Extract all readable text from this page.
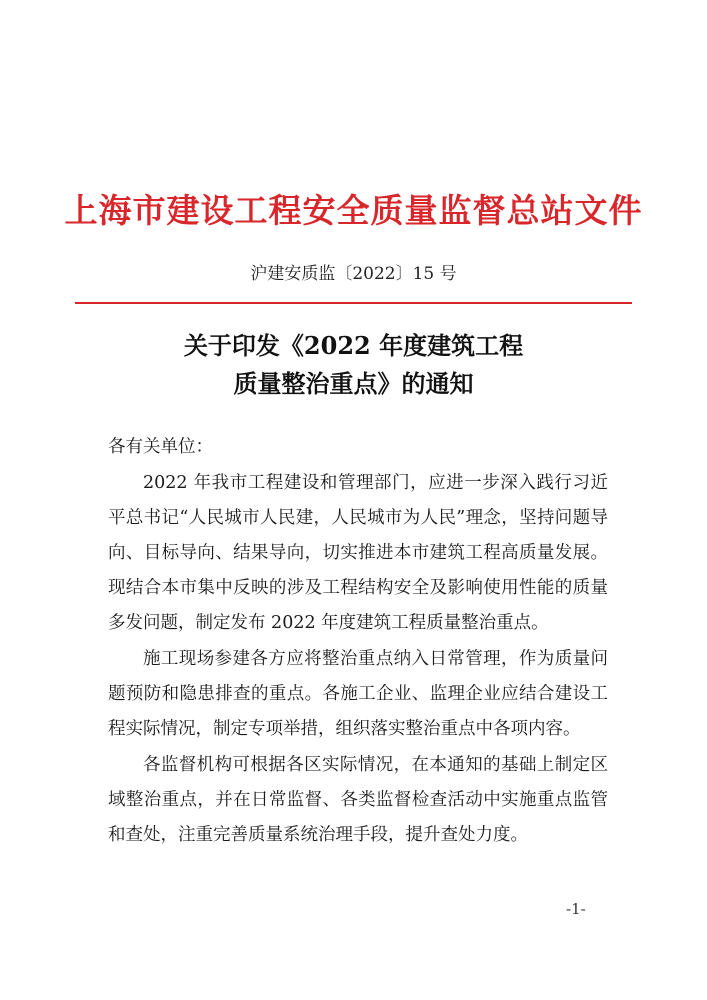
上海市建设工程安全质量监督总站文件
沪建安质监〔2022〕15 号
关于印发《2022 年度建筑工程
质量整治重点》的通知

各有关单位：

2022 年我市工程建设和管理部门，应进一步深入践行习近平总书记“人民城市人民建，人民城市为人民”理念，坚持问题导向、目标导向、结果导向，切实推进本市建筑工程高质量发展。现结合本市集中反映的涉及工程结构安全及影响使用性能的质量多发问题，制定发布 2022 年度建筑工程质量整治重点。

施工现场参建各方应将整治重点纳入日常管理，作为质量问题预防和隐患排查的重点。各施工企业、监理企业应结合建设工程实际情况，制定专项举措，组织落实整治重点中各项内容。

各监督机构可根据各区实际情况，在本通知的基础上制定区域整治重点，并在日常监督、各类监督检查活动中实施重点监管和查处，注重完善质量系统治理手段，提升查处力度。

-1-
